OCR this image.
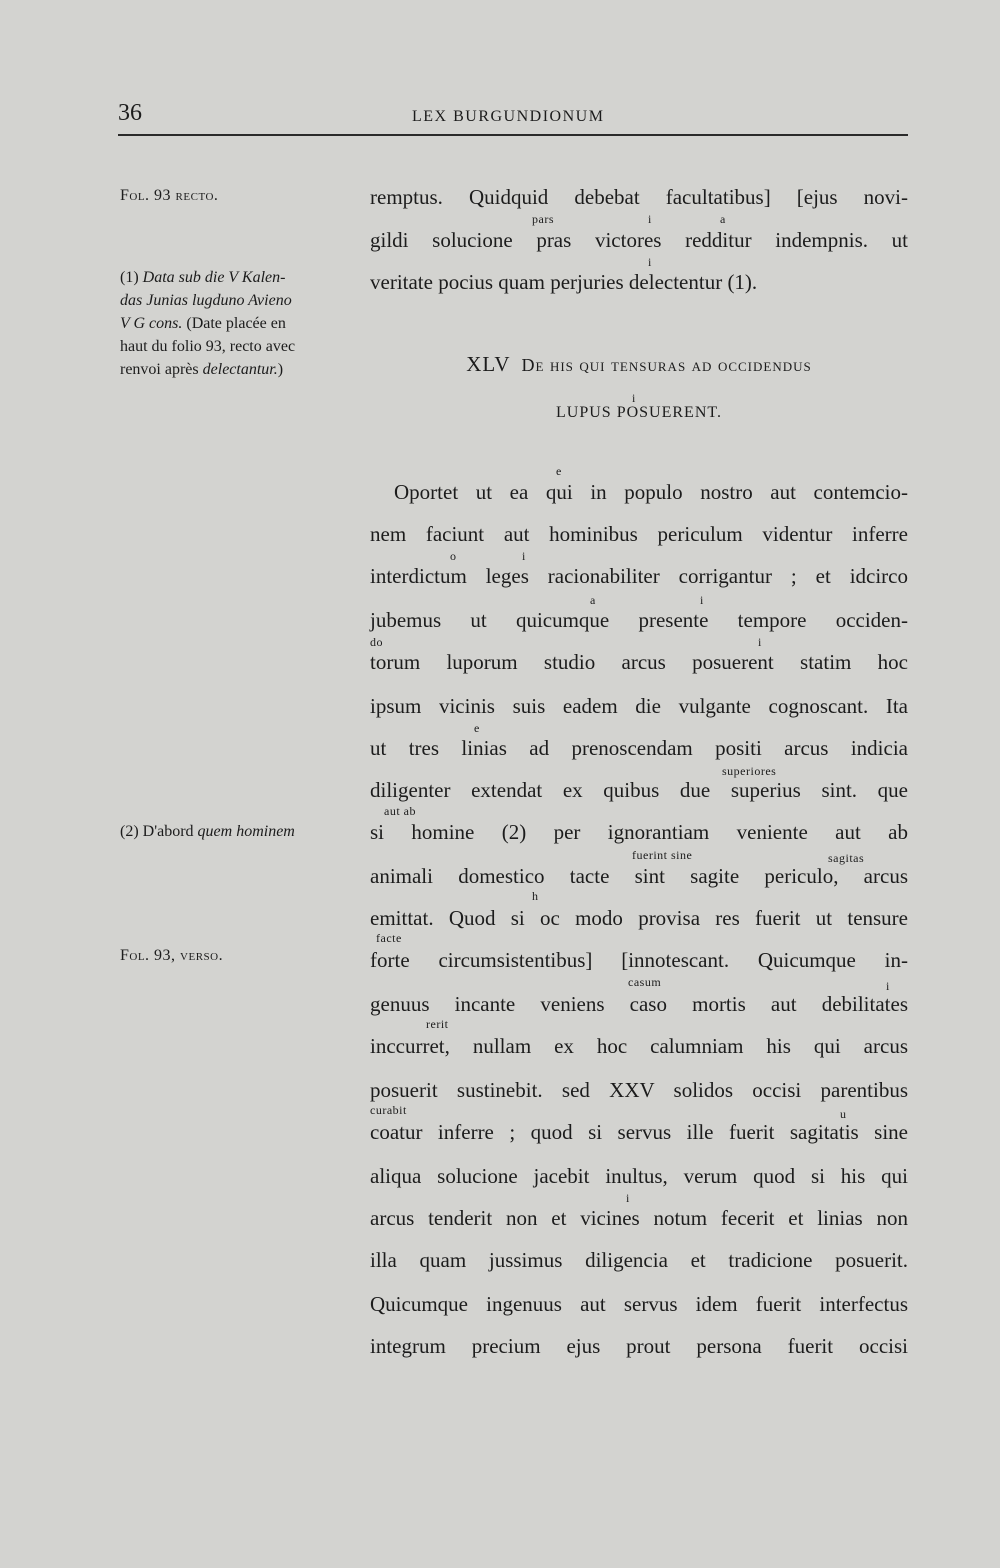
36	LEX BURGUNDIONUM
Fol. 93 recto.
(1) Data sub die V Kalen-
das Junias lugduno Avieno
V G cons. (Date placée en
haut du folio 93, recto avec
renvoi après delectantur.)
(2) D'abord quem hominem
Fol. 93, verso.
remptus. Quidquid debebat facultatibus] [ejus novi-
pars	i	a
gildi solucione pras victores redditur indempnis. ut
i
veritate pocius quam perjuries delectentur (1).
XLV De his qui tensuras ad occidendus
i
LUPUS POSUERENT.
e
Oportet ut ea qui in populo nostro aut contemcio-
nem faciunt aut hominibus periculum videntur inferre
o	i
interdictum leges racionabiliter corrigantur ; et idcirco
a	i
jubemus ut quicumque presente tempore occiden-
do	i
torum luporum studio arcus posuerent statim hoc
ipsum vicinis suis eadem die vulgante cognoscant. Ita
e
ut tres linias ad prenoscendam positi arcus indicia
superiores
diligenter extendat ex quibus due superius sint. que
aut ab
si homine (2) per ignorantiam veniente aut ab
fuerint sine	sagitas
animali domestico tacte sint sagite periculo, arcus
h
emittat. Quod si oc modo provisa res fuerit ut tensure
facte
forte circumsistentibus] [innotescant. Quicumque in-
casum	i
genuus incante veniens caso mortis aut debilitates
rerit
inccurret, nullam ex hoc calumniam his qui arcus
posuerit sustinebit. sed XXV solidos occisi parentibus
curabit	u
coatur inferre ; quod si servus ille fuerit sagitatis sine
aliqua solucione jacebit inultus, verum quod si his qui
i
arcus tenderit non et vicines notum fecerit et linias non
illa quam jussimus diligencia et tradicione posuerit.
Quicumque ingenuus aut servus idem fuerit interfectus
integrum precium ejus prout persona fuerit occisi
